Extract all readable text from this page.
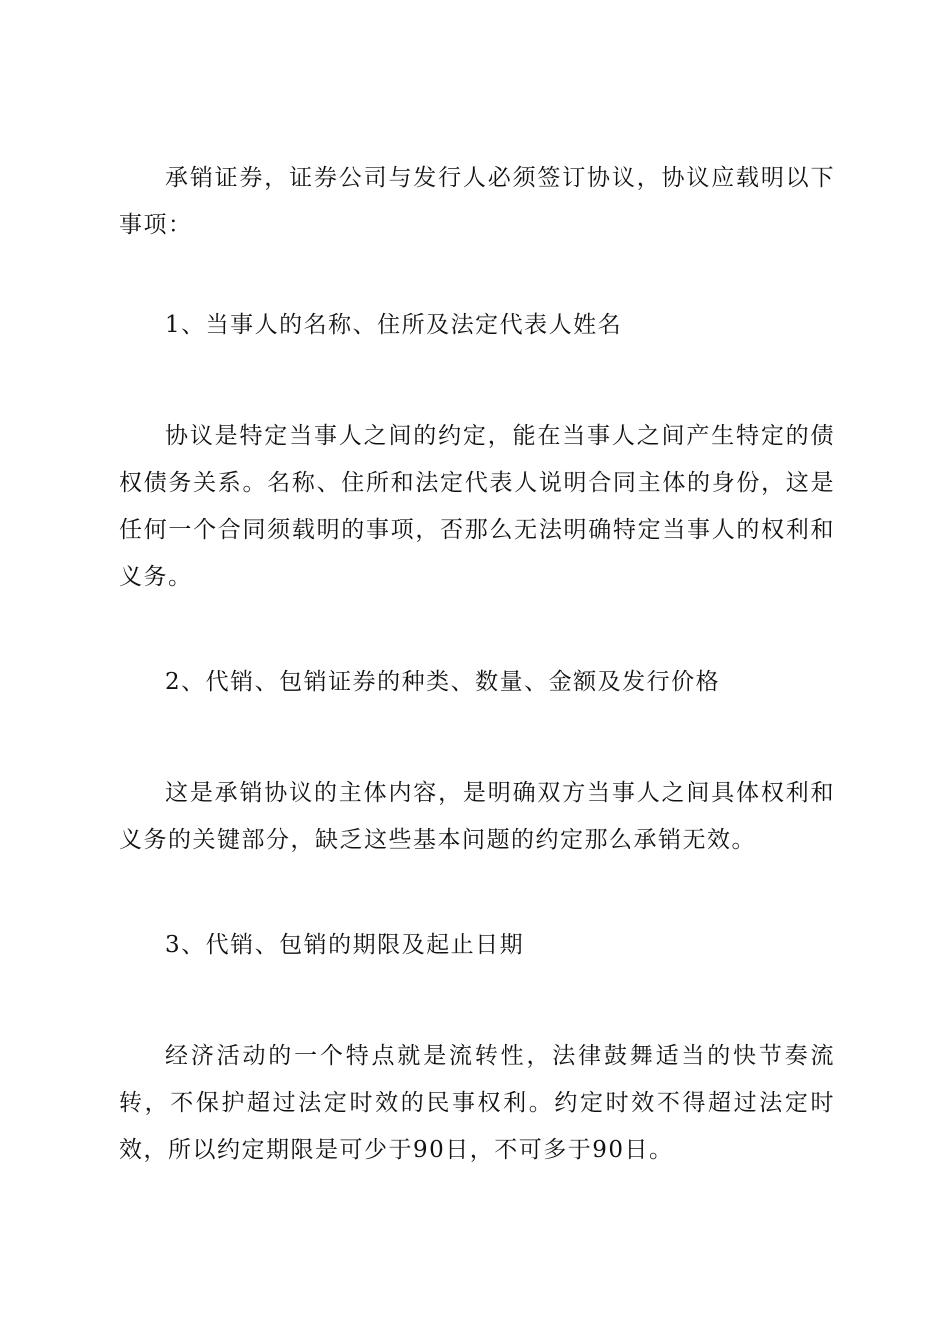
承销证券，证券公司与发行人必须签订协议，协议应载明以下事项：

1、当事人的名称、住所及法定代表人姓名

协议是特定当事人之间的约定，能在当事人之间产生特定的债权债务关系。名称、住所和法定代表人说明合同主体的身份，这是任何一个合同须载明的事项，否那么无法明确特定当事人的权利和义务。

2、代销、包销证券的种类、数量、金额及发行价格

这是承销协议的主体内容，是明确双方当事人之间具体权利和义务的关键部分，缺乏这些基本问题的约定那么承销无效。

3、代销、包销的期限及起止日期

经济活动的一个特点就是流转性，法律鼓舞适当的快节奏流转，不保护超过法定时效的民事权利。约定时效不得超过法定时效，所以约定期限是可少于90日，不可多于90日。
